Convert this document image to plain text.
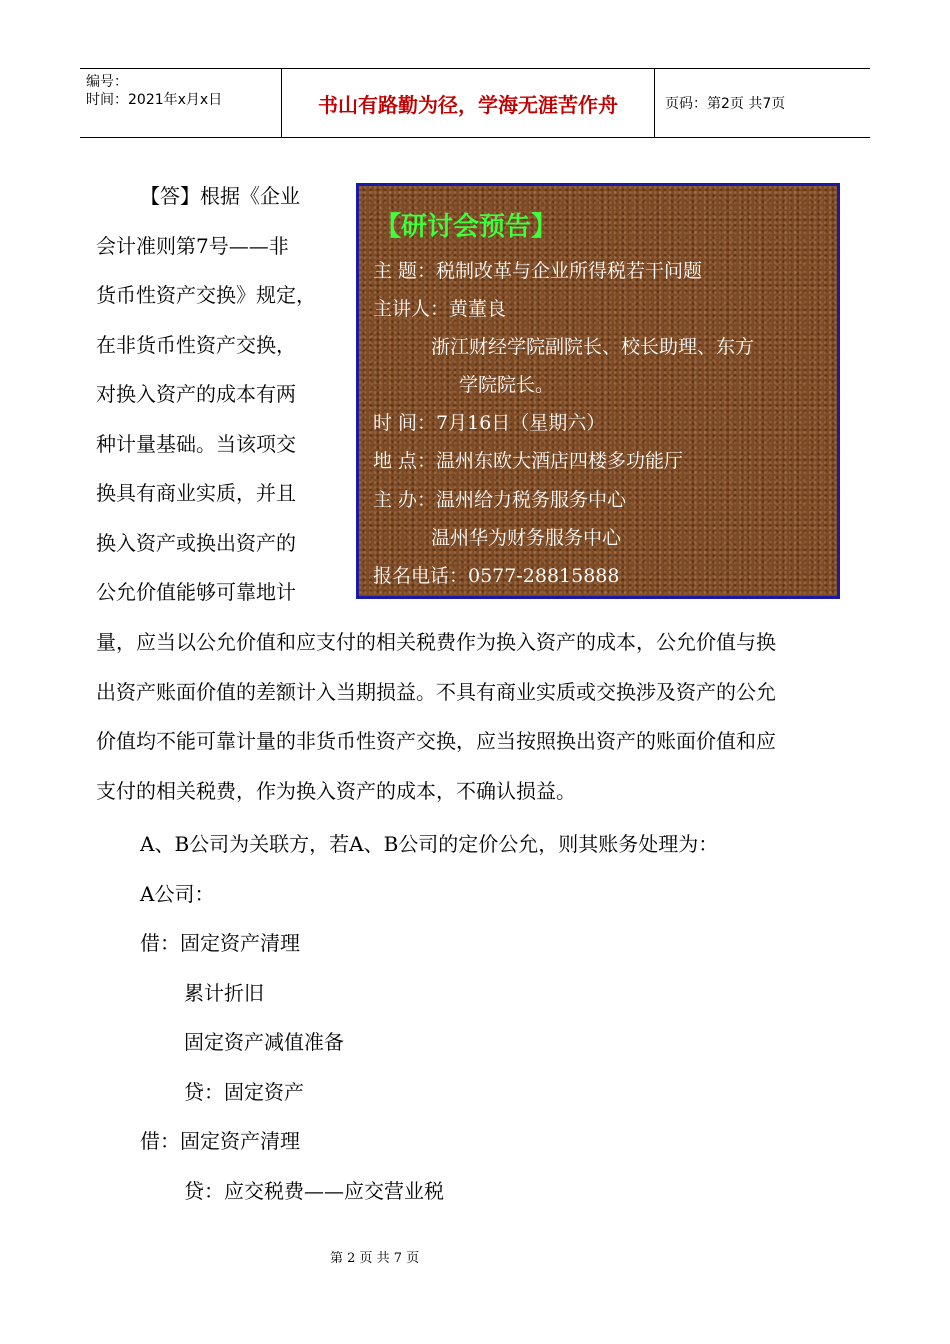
编号：
时间：2021年x月x日	书山有路勤为径，学海无涯苦作舟	页码：第2页 共7页
【答】根据《企业
会计准则第7号——非
货币性资产交换》规定，
在非货币性资产交换，
对换入资产的成本有两
种计量基础。当该项交
换具有商业实质，并且
换入资产或换出资产的
公允价值能够可靠地计
【研讨会预告】
主 题：税制改革与企业所得税若干问题
主讲人：黄董良
浙江财经学院副院长、校长助理、东方
学院院长。
时 间：7月16日（星期六）
地 点：温州东欧大酒店四楼多功能厅
主 办：温州给力税务服务中心
温州华为财务服务中心
报名电话：0577-28815888
量，应当以公允价值和应支付的相关税费作为换入资产的成本，公允价值与换
出资产账面价值的差额计入当期损益。不具有商业实质或交换涉及资产的公允
价值均不能可靠计量的非货币性资产交换，应当按照换出资产的账面价值和应
支付的相关税费，作为换入资产的成本，不确认损益。
A、B公司为关联方，若A、B公司的定价公允，则其账务处理为：
A公司：
借：固定资产清理
累计折旧
固定资产减值准备
贷：固定资产
借：固定资产清理
贷：应交税费——应交营业税
第 2 页 共 7 页
